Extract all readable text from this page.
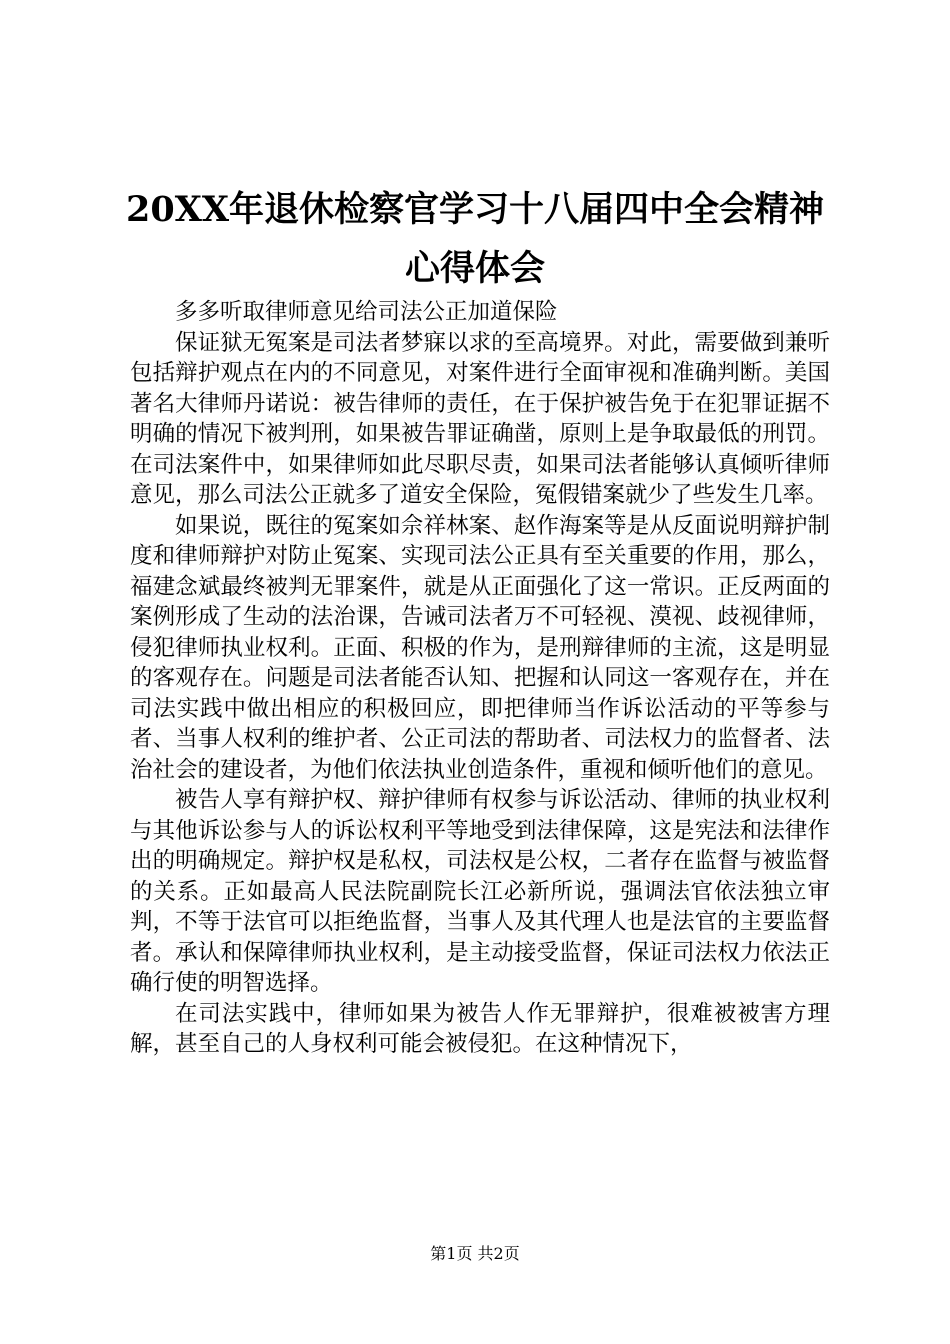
20XX年退休检察官学习十八届四中全会精神
心得体会

多多听取律师意见给司法公正加道保险

保证狱无冤案是司法者梦寐以求的至高境界。对此，需要做到兼听包括辩护观点在内的不同意见，对案件进行全面审视和准确判断。美国著名大律师丹诺说：被告律师的责任，在于保护被告免于在犯罪证据不明确的情况下被判刑，如果被告罪证确凿，原则上是争取最低的刑罚。在司法案件中，如果律师如此尽职尽责，如果司法者能够认真倾听律师意见，那么司法公正就多了道安全保险，冤假错案就少了些发生几率。

如果说，既往的冤案如佘祥林案、赵作海案等是从反面说明辩护制度和律师辩护对防止冤案、实现司法公正具有至关重要的作用，那么，福建念斌最终被判无罪案件，就是从正面强化了这一常识。正反两面的案例形成了生动的法治课，告诫司法者万不可轻视、漠视、歧视律师，侵犯律师执业权利。正面、积极的作为，是刑辩律师的主流，这是明显的客观存在。问题是司法者能否认知、把握和认同这一客观存在，并在司法实践中做出相应的积极回应，即把律师当作诉讼活动的平等参与者、当事人权利的维护者、公正司法的帮助者、司法权力的监督者、法治社会的建设者，为他们依法执业创造条件，重视和倾听他们的意见。

被告人享有辩护权、辩护律师有权参与诉讼活动、律师的执业权利与其他诉讼参与人的诉讼权利平等地受到法律保障，这是宪法和法律作出的明确规定。辩护权是私权，司法权是公权，二者存在监督与被监督的关系。正如最高人民法院副院长江必新所说，强调法官依法独立审判，不等于法官可以拒绝监督，当事人及其代理人也是法官的主要监督者。承认和保障律师执业权利，是主动接受监督，保证司法权力依法正确行使的明智选择。

在司法实践中，律师如果为被告人作无罪辩护，很难被被害方理解，甚至自己的人身权利可能会被侵犯。在这种情况下，

第1页 共2页
